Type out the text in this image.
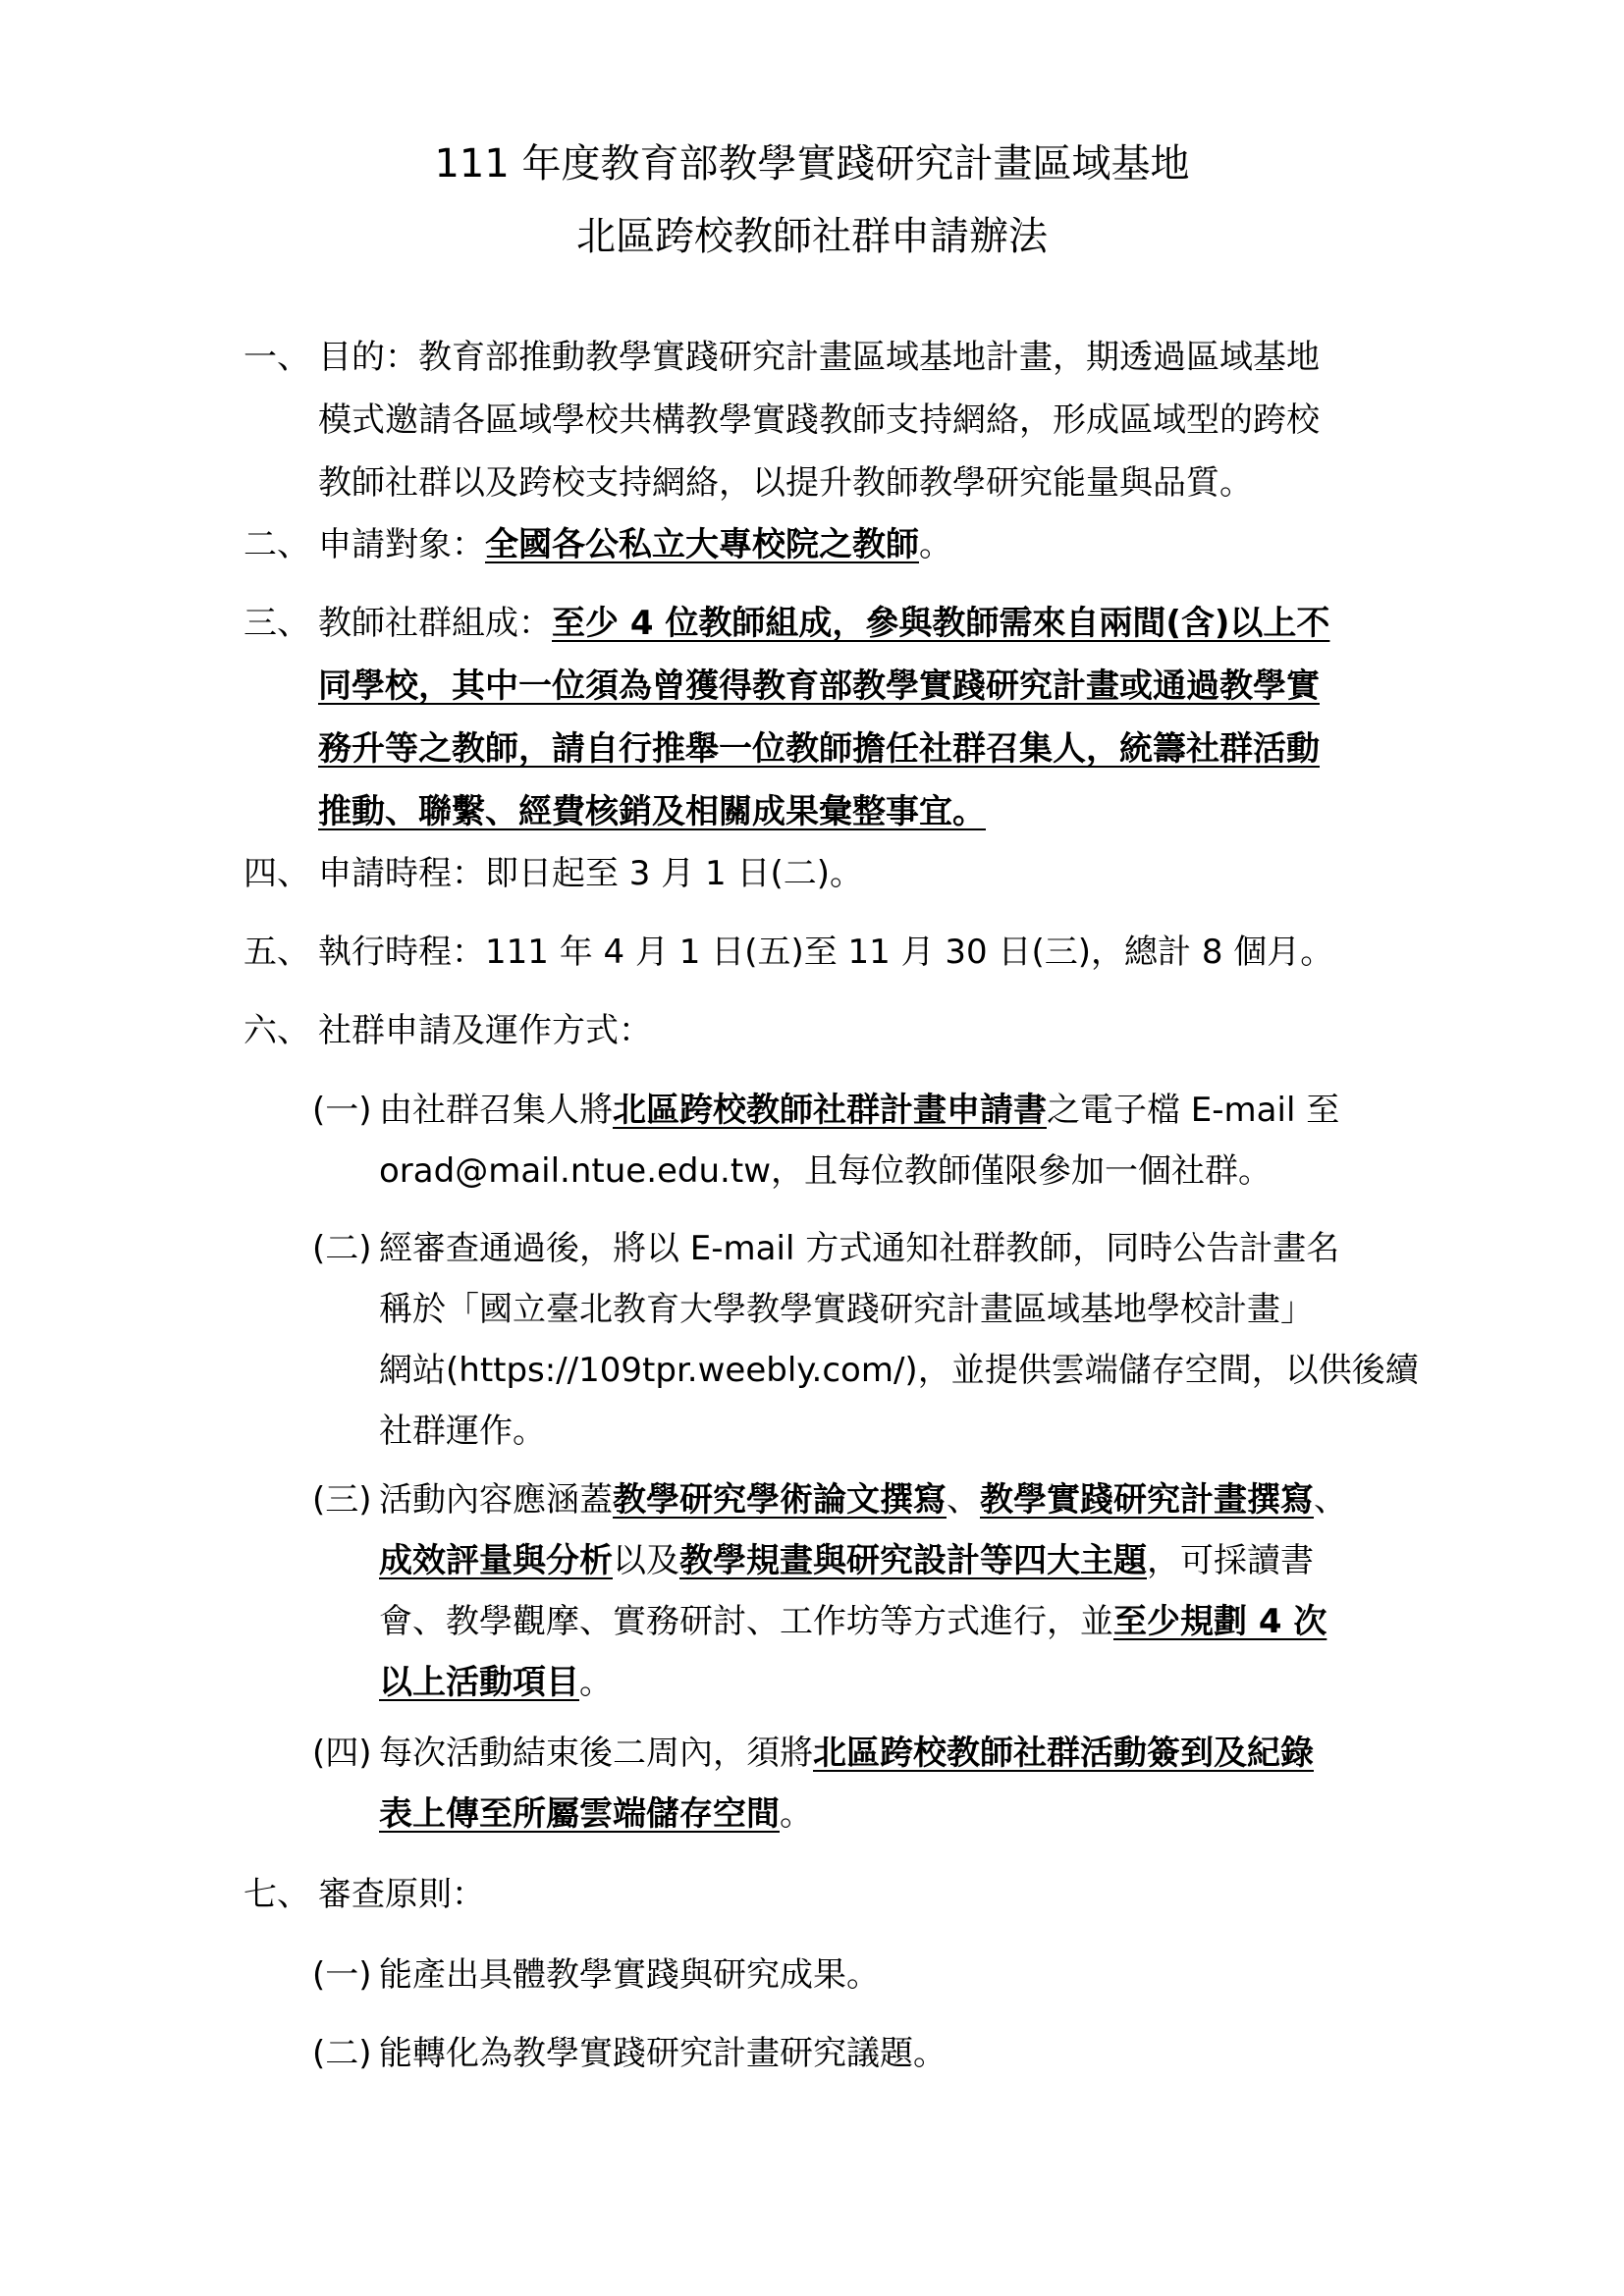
111 年度教育部教學實踐研究計畫區域基地
北區跨校教師社群申請辦法
一、 目的：教育部推動教學實踐研究計畫區域基地計畫，期透過區域基地
模式邀請各區域學校共構教學實踐教師支持網絡，形成區域型的跨校
教師社群以及跨校支持網絡，以提升教師教學研究能量與品質。
二、 申請對象：全國各公私立大專校院之教師。
三、 教師社群組成：至少 4 位教師組成，參與教師需來自兩間(含)以上不
同學校，其中一位須為曾獲得教育部教學實踐研究計畫或通過教學實
務升等之教師，請自行推舉一位教師擔任社群召集人，統籌社群活動
推動、聯繫、經費核銷及相關成果彙整事宜。
四、 申請時程：即日起至 3 月 1 日(二)。
五、 執行時程：111 年 4 月 1 日(五)至 11 月 30 日(三)，總計 8 個月。
六、 社群申請及運作方式：
(一) 由社群召集人將北區跨校教師社群計畫申請書之電子檔 E-mail 至
orad@mail.ntue.edu.tw，且每位教師僅限參加一個社群。
(二) 經審查通過後，將以 E-mail 方式通知社群教師，同時公告計畫名
稱於「國立臺北教育大學教學實踐研究計畫區域基地學校計畫」
網站(https://109tpr.weebly.com/)，並提供雲端儲存空間，以供後續
社群運作。
(三) 活動內容應涵蓋教學研究學術論文撰寫、教學實踐研究計畫撰寫、
成效評量與分析以及教學規畫與研究設計等四大主題，可採讀書
會、教學觀摩、實務研討、工作坊等方式進行，並至少規劃 4 次
以上活動項目。
(四) 每次活動結束後二周內，須將北區跨校教師社群活動簽到及紀錄
表上傳至所屬雲端儲存空間。
七、 審查原則：
(一) 能產出具體教學實踐與研究成果。
(二) 能轉化為教學實踐研究計畫研究議題。
